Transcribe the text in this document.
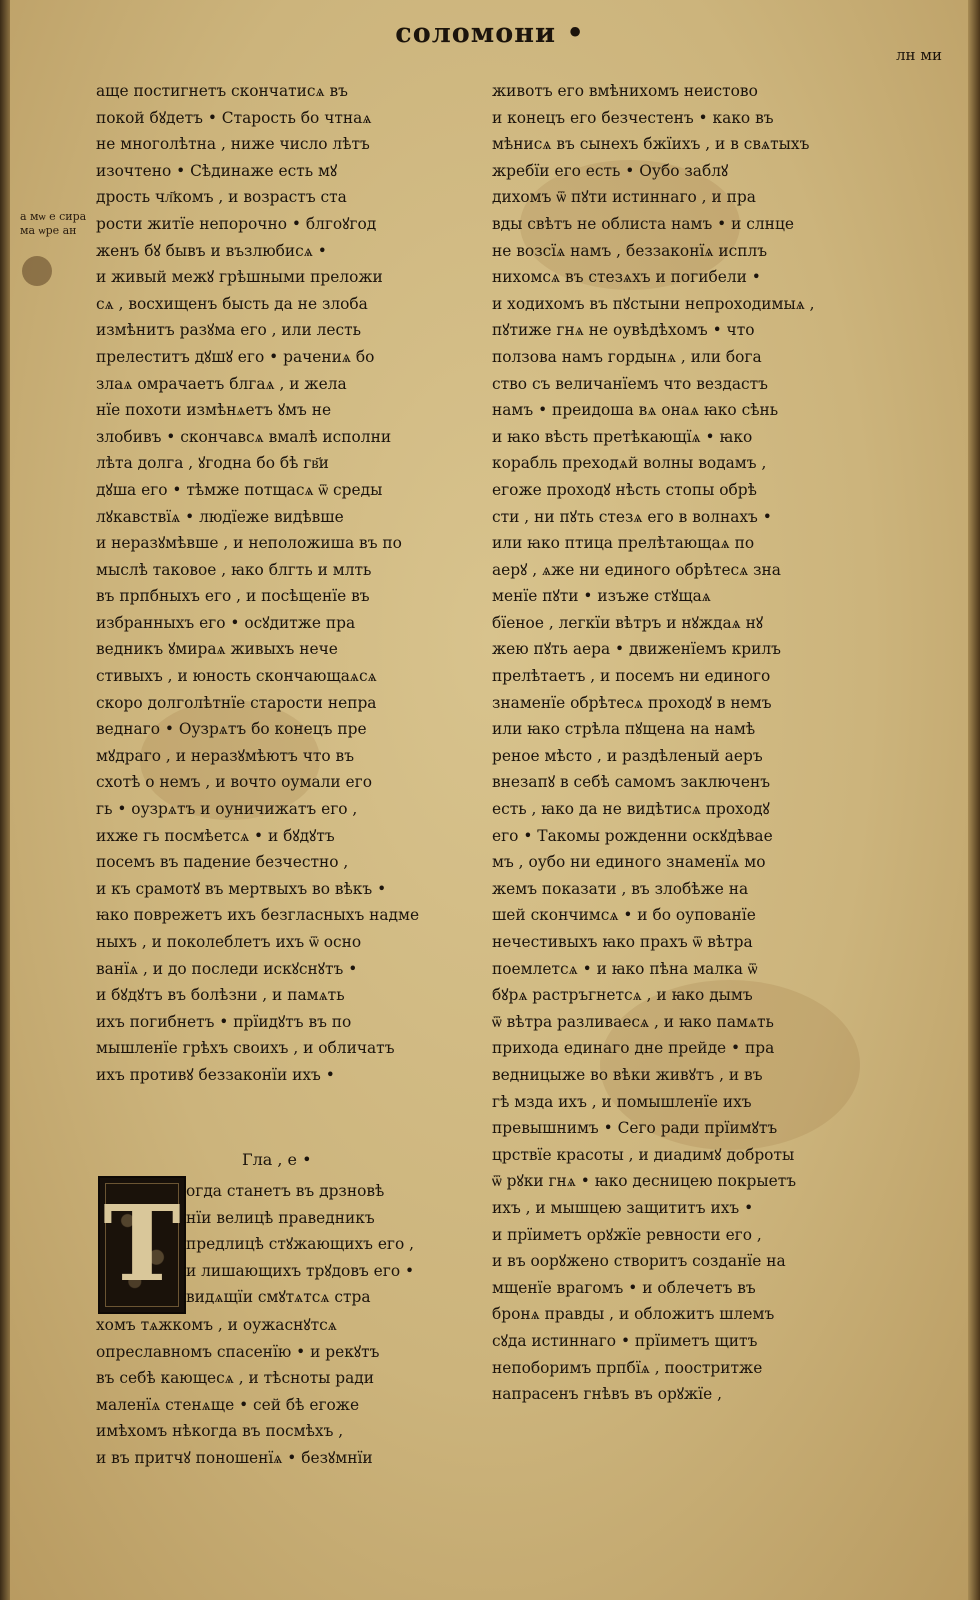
соломони •
лн ми
а мѡ е сира ма ѡре ан
аще постигнетъ скончатисѧ въ
покой бꙋдетъ • Старость бо чтнаѧ
не многолѣтна , ниже число лѣтъ
изочтено • Сѣдинаже есть мꙋ
дрость чл҃комъ , и возрастъ ста
рости житїе непорочно • блгоꙋгод
женъ бꙋ бывъ и възлюбисѧ •
и живый межꙋ грѣшными преложи
сѧ , восхищенъ бысть да не злоба
измѣнитъ разꙋма его , или лесть
прелеститъ дꙋшꙋ его • рачениѧ бо
злаѧ омрачаетъ блгаѧ , и жела
нїе похоти измѣнѧетъ ꙋмъ не
злобивъ • скончавсѧ вмалѣ исполни
лѣта долга , ꙋгодна бо бѣ гв҃и
дꙋша его • тѣмже потщасѧ ѿ среды
лꙋкавствїѧ • людїеже видѣвше
и неразꙋмѣвше , и неположиша въ по
мыслѣ таковое , ꙗко блгть и млть
въ прпбныхъ его , и посѣщенїе въ
избранныхъ его • осꙋдитже пра
ведникъ ꙋмираѧ живыхъ нече
стивыхъ , и юность скончающаѧсѧ
скоро долголѣтнїе старости непра
веднаго • Оузрѧтъ бо конецъ пре
мꙋдраго , и неразꙋмѣютъ что въ
схотѣ о немъ , и вочто оумали его
гь • оузрѧтъ и оуничижатъ его ,
ихже гь посмѣетсѧ • и бꙋдꙋтъ
посемъ въ падение безчестно ,
и къ срамотꙋ въ мертвыхъ во вѣкъ •
ꙗко поврежетъ ихъ безгласныхъ надме
ныхъ , и поколеблетъ ихъ ѿ осно
ванїѧ , и до последи искꙋснꙋтъ •
и бꙋдꙋтъ въ болѣзни , и памѧть
ихъ погибнетъ • прїидꙋтъ въ по
мышленїе грѣхъ своихъ , и обличатъ
ихъ противꙋ беззаконїи ихъ •
Гла , е •
Т огда станетъ въ дрзновѣ
нїи велицѣ праведникъ
предлицѣ стꙋжающихъ его ,
и лишающихъ трꙋдовъ его •
видѧщїи смꙋтѧтсѧ стра
хомъ тѧжкомъ , и оужаснꙋтсѧ
опреславномъ спасенїю • и рекꙋтъ
въ себѣ кающесѧ , и тѣсноты ради
маленїѧ стенѧще • сей бѣ егоже
имѣхомъ нѣкогда въ посмѣхъ ,
и въ притчꙋ поношенїѧ • безꙋмнїи
животъ его вмѣнихомъ неистово
и конецъ его безчестенъ • како въ
мѣнисѧ въ сынехъ бжїихъ , и в свѧтыхъ
жребїи его есть • Оубо заблꙋ
дихомъ ѿ пꙋти истиннаго , и пра
вды свѣтъ не облиста намъ • и слнце
не возсїѧ намъ , беззаконїѧ исплъ
нихомсѧ въ стезѧхъ и погибели •
и ходихомъ въ пꙋстыни непроходимыѧ ,
пꙋтиже гнѧ не оувѣдѣхомъ • что
ползова намъ гордынѧ , или бога
ство съ величанїемъ что вездастъ
намъ • преидоша вѧ онаѧ ꙗко сѣнь
и ꙗко вѣсть претѣкающїѧ • ꙗко
корабль преходѧй волны водамъ ,
егоже проходꙋ нѣсть стопы обрѣ
сти , ни пꙋть стезѧ его в волнахъ •
или ꙗко птица прелѣтающаѧ по
аерꙋ , ѧже ни единого обрѣтесѧ зна
менїе пꙋти • изъже стꙋщаѧ
бїеное , легкїи вѣтръ и нꙋждаѧ нꙋ
жею пꙋть аера • движенїемъ крилъ
прелѣтаетъ , и посемъ ни единого
знаменїе обрѣтесѧ проходꙋ в немъ
или ꙗко стрѣла пꙋщена на намѣ
реное мѣсто , и раздѣленый аеръ
внезапꙋ в себѣ самомъ заключенъ
есть , ꙗко да не видѣтисѧ проходꙋ
его • Такомы рожденни оскꙋдѣвае
мъ , оубо ни единого знаменїѧ мо
жемъ показати , въ злобѣже на
шей скончимсѧ • и бо оупованїе
нечестивыхъ ꙗко прахъ ѿ вѣтра
поемлетсѧ • и ꙗко пѣна малка ѿ
бꙋрѧ растръгнетсѧ , и ꙗко дымъ
ѿ вѣтра разливаесѧ , и ꙗко памѧть
прихода единаго дне прейде • пра
ведницыже во вѣки живꙋтъ , и въ
гѣ мзда ихъ , и помышленїе ихъ
превышнимъ • Сего ради прїимꙋтъ
црствїе красоты , и диадимꙋ доброты
ѿ рꙋки гнѧ • ꙗко десницею покрыетъ
ихъ , и мышцею защититъ ихъ •
и прїиметъ орꙋжїе ревности его ,
и въ оорꙋжено створитъ созданїе на
мщенїе врагомъ • и облечетъ въ
бронѧ правды , и обложитъ шлемъ
сꙋда истиннаго • прїиметъ щитъ
непоборимъ прпбїѧ , поостритже
напрасенъ гнѣвъ въ орꙋжїе ,
